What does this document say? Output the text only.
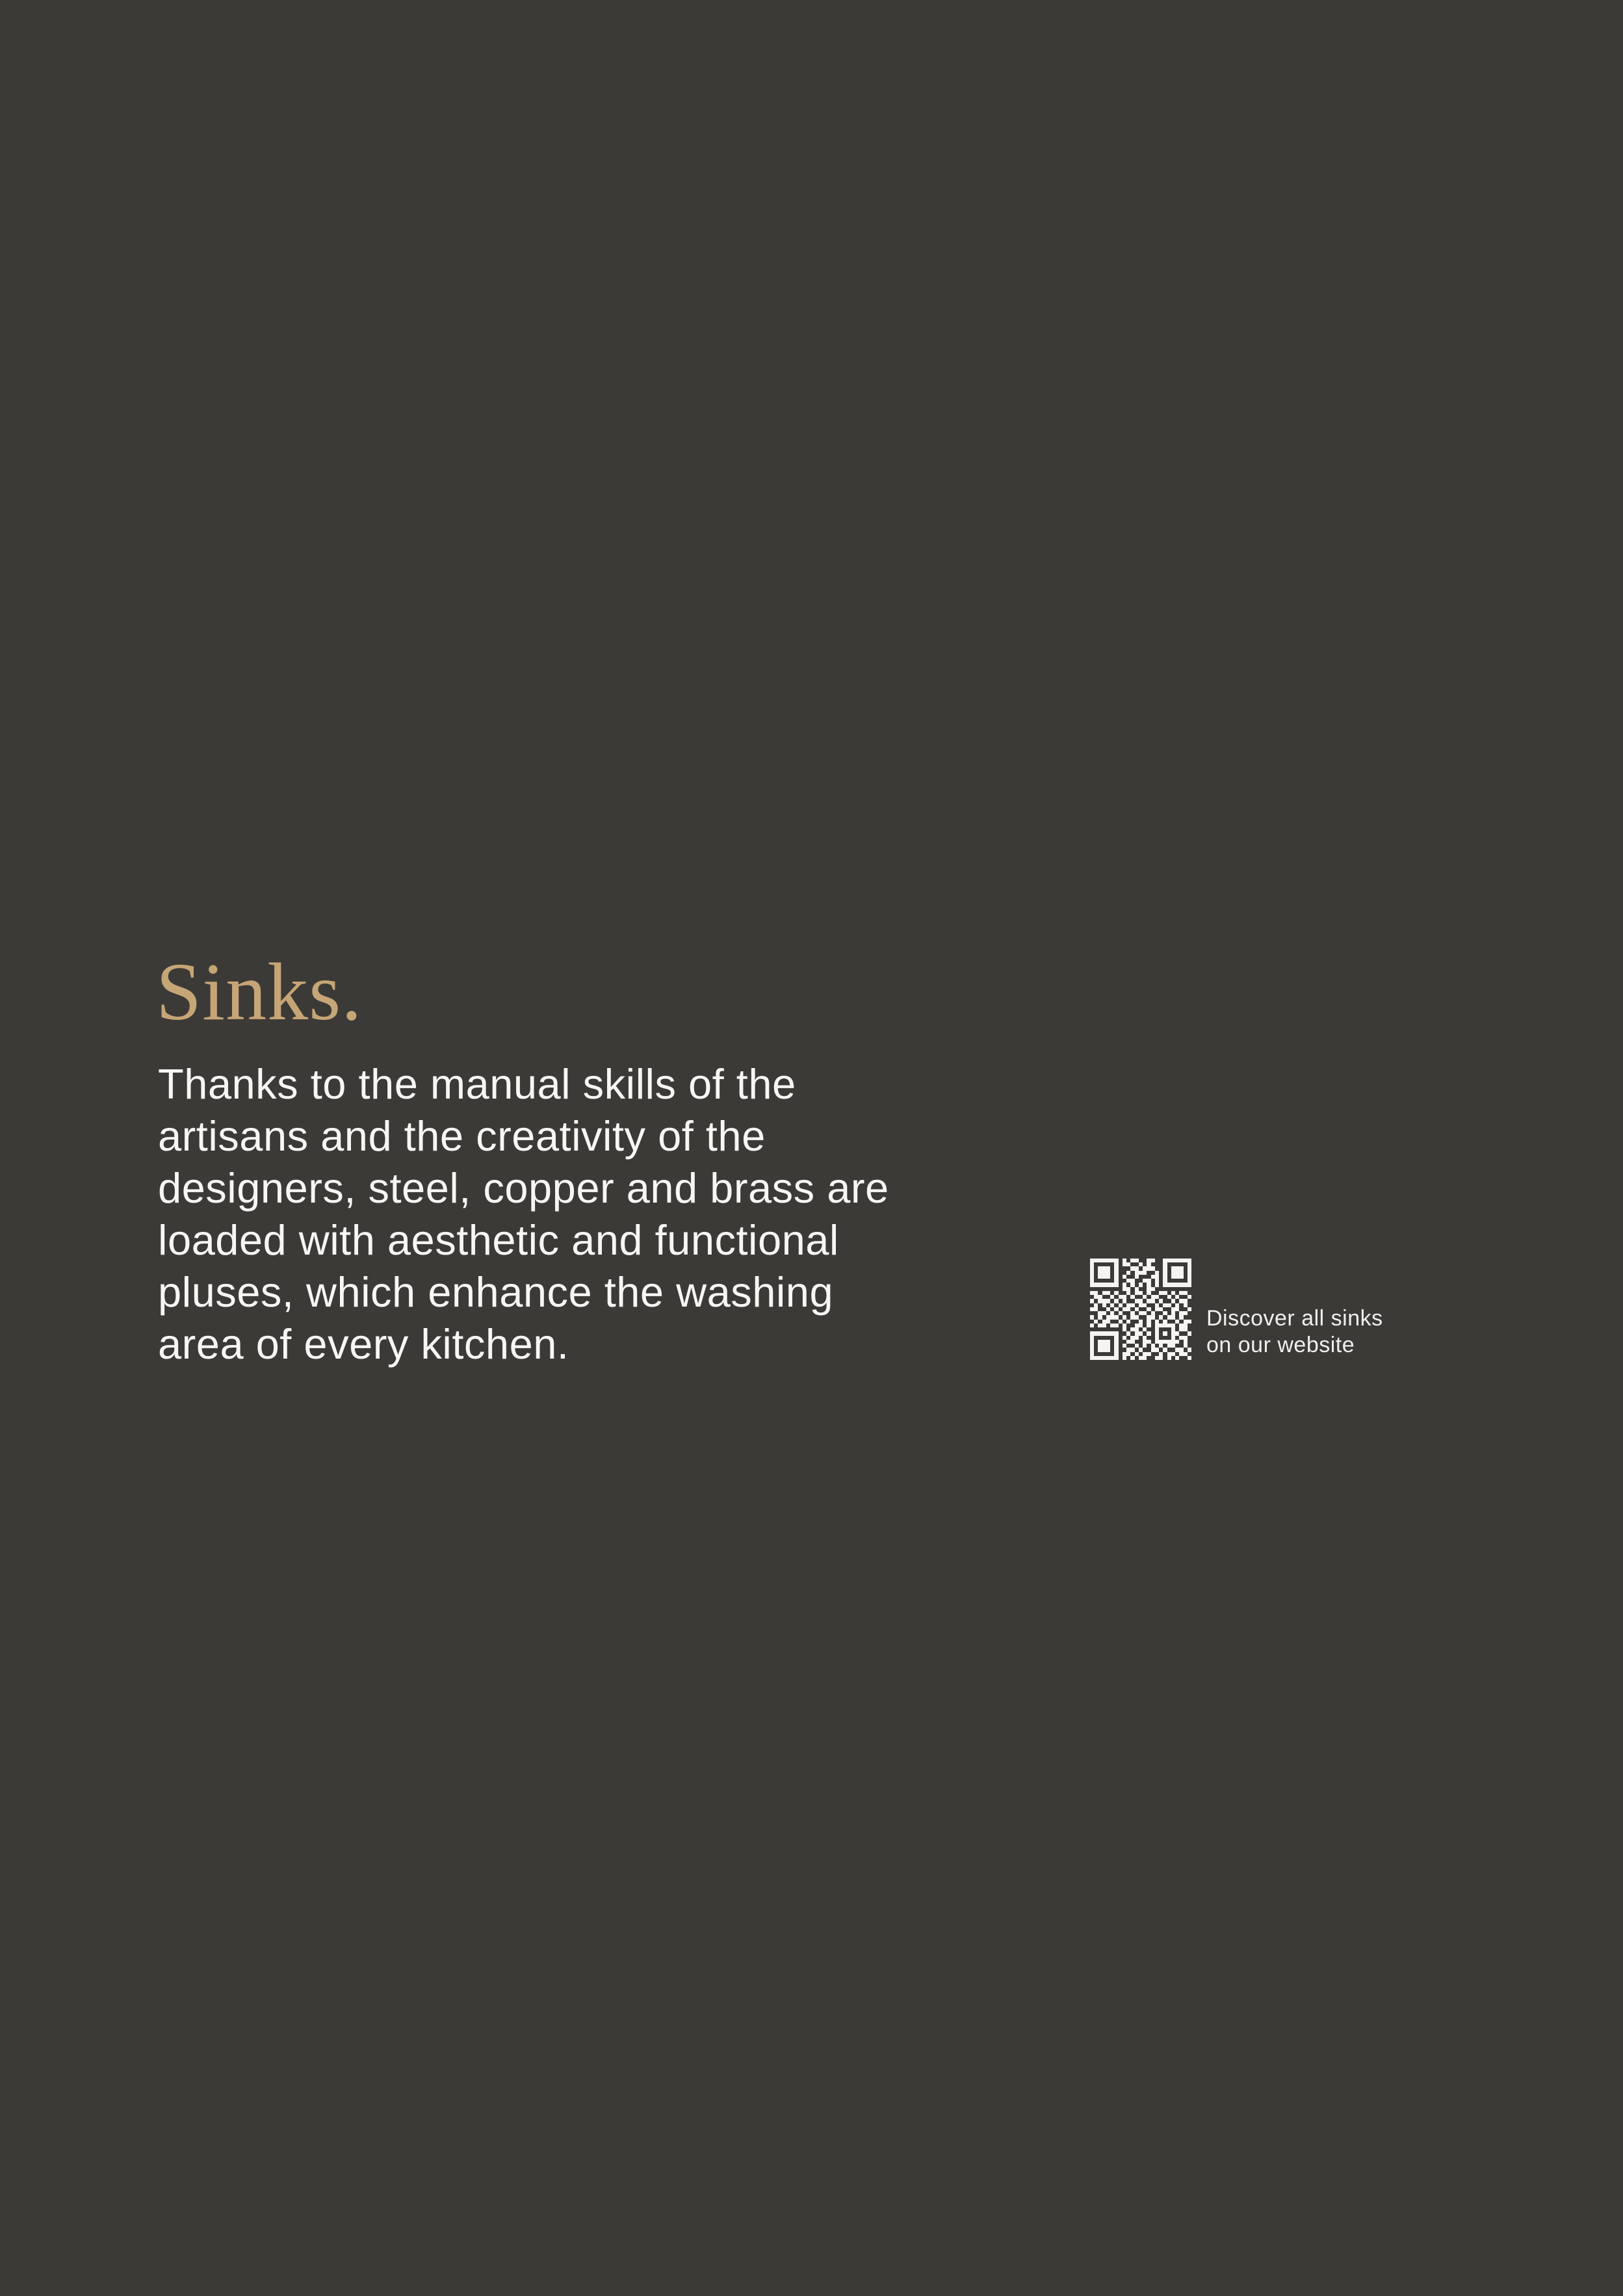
Sinks.
Thanks to the manual skills of the
artisans and the creativity of the
designers, steel, copper and brass are
loaded with aesthetic and functional
pluses, which enhance the washing
area of every kitchen.
Discover all sinks
on our website
